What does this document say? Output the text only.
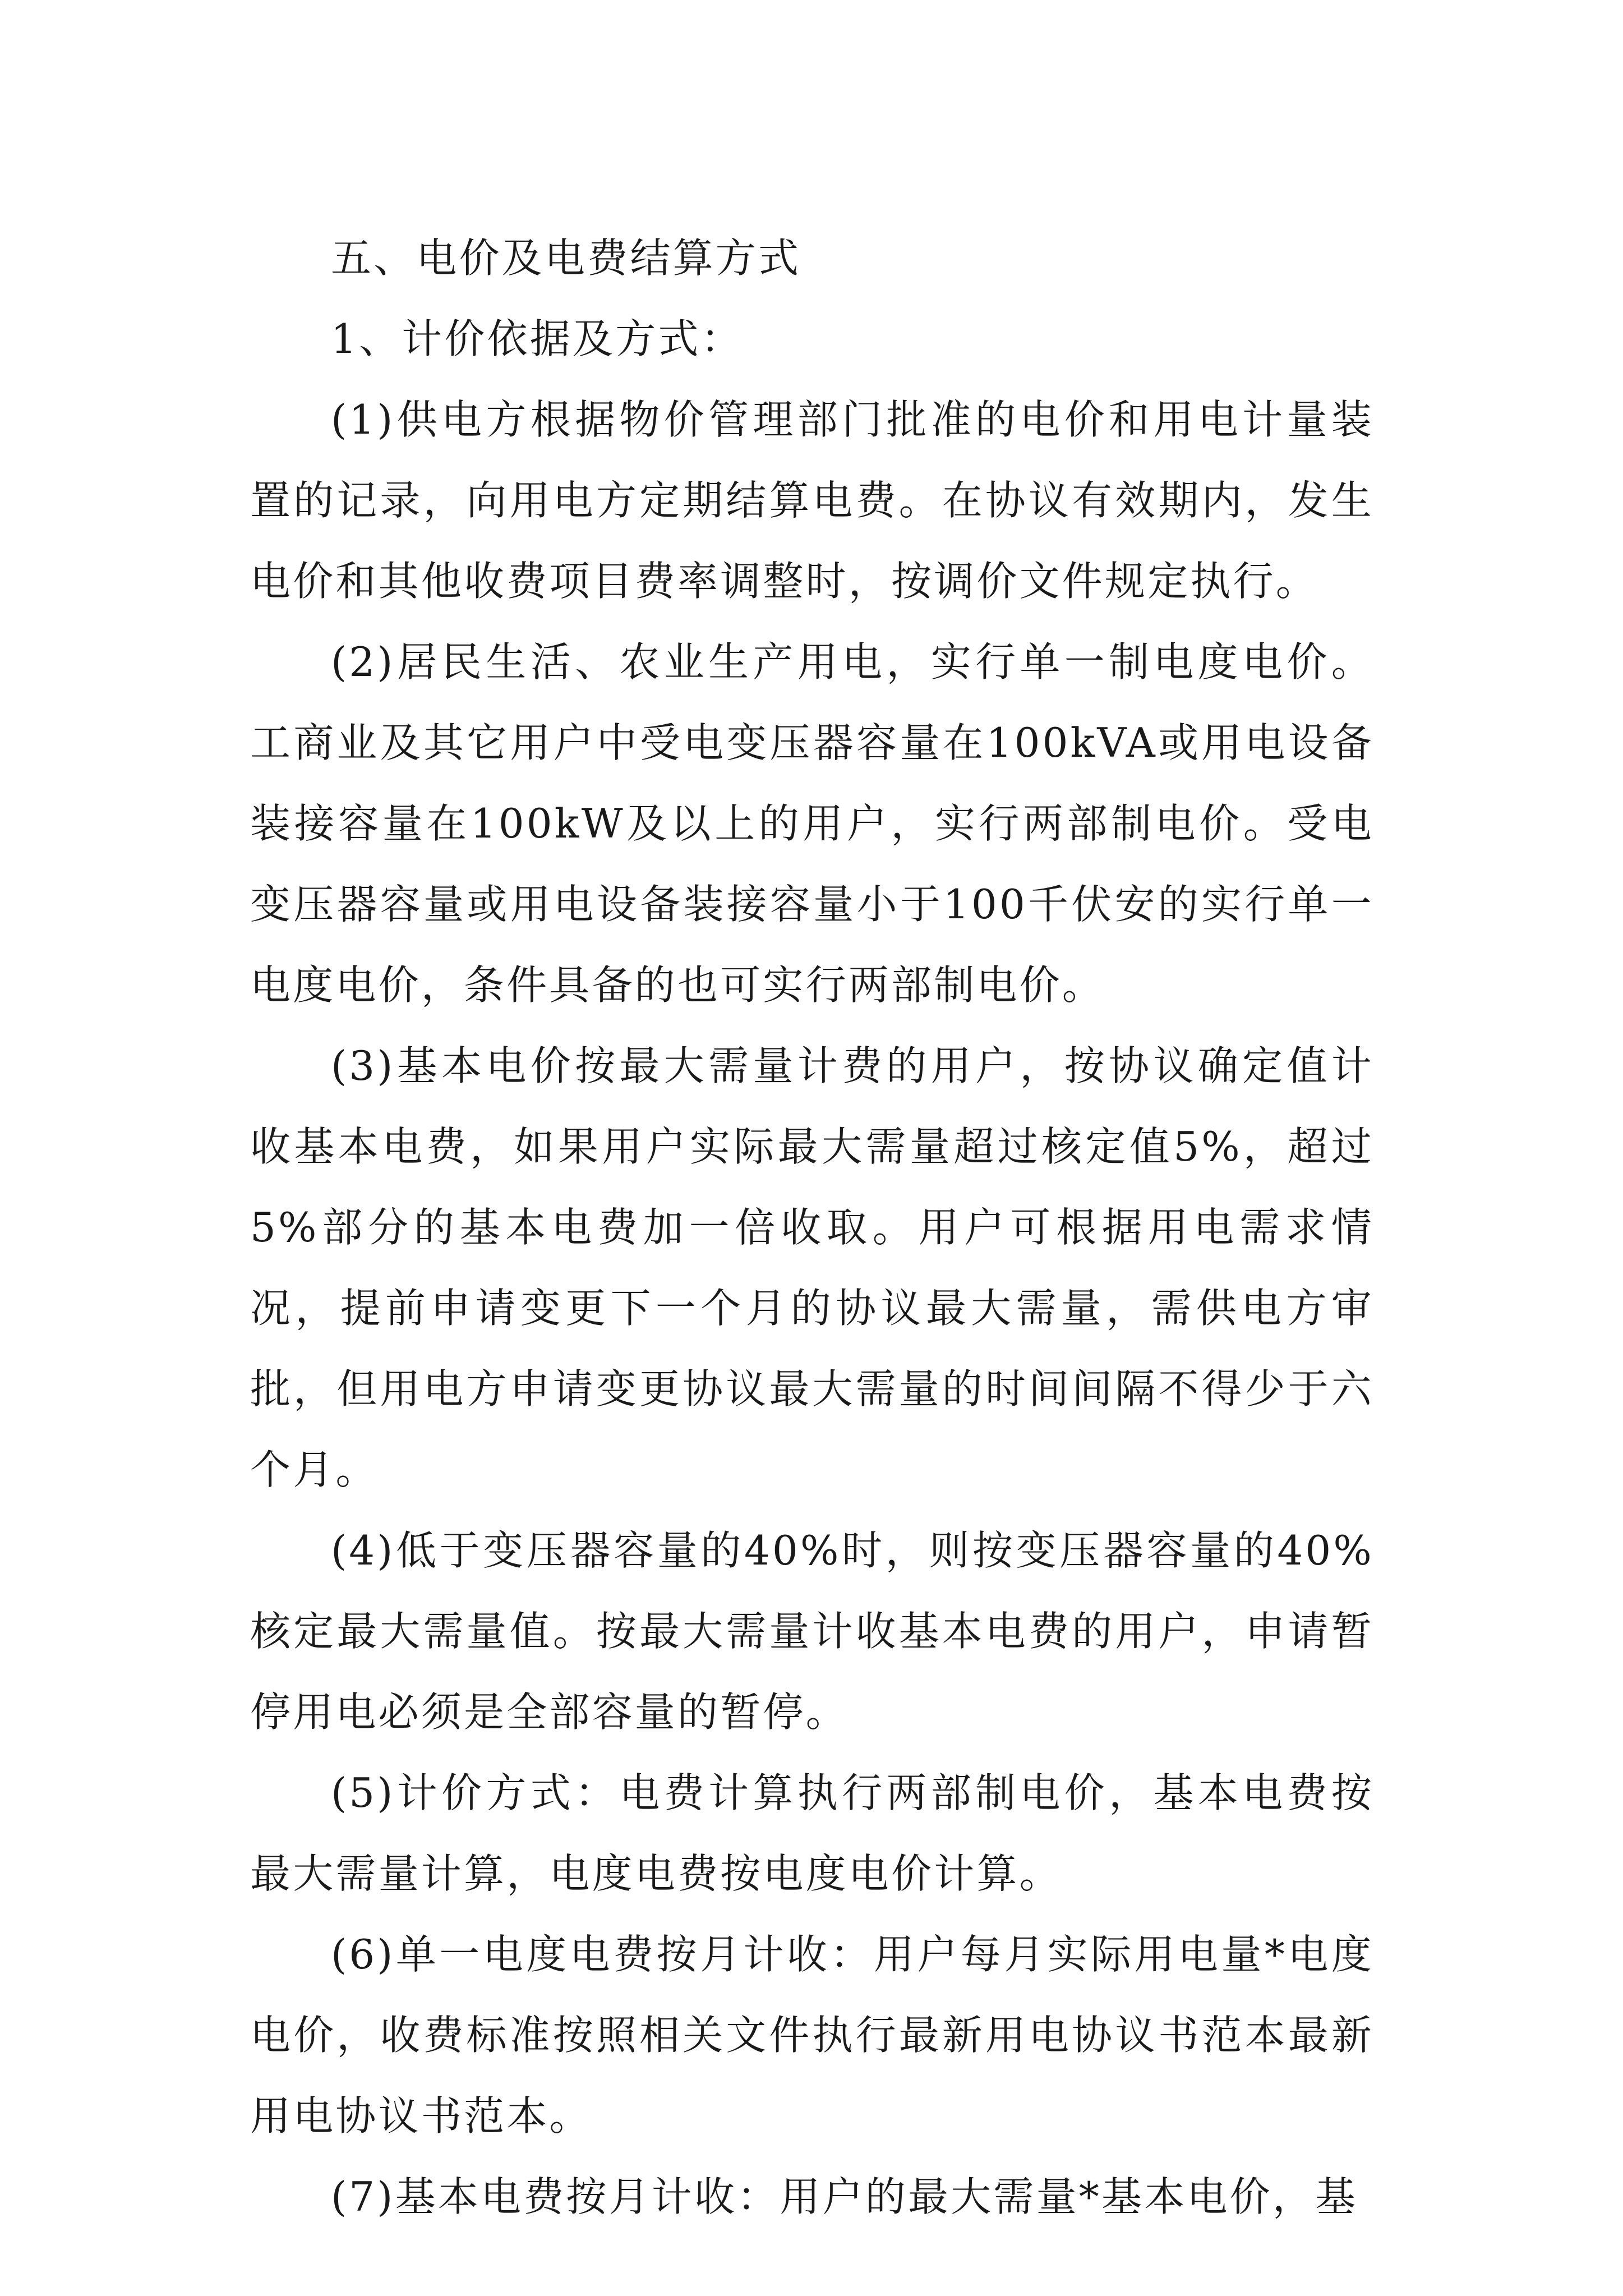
五、电价及电费结算方式

1、计价依据及方式：

(1)供电方根据物价管理部门批准的电价和用电计量装置的记录，向用电方定期结算电费。在协议有效期内，发生电价和其他收费项目费率调整时，按调价文件规定执行。

(2)居民生活、农业生产用电，实行单一制电度电价。工商业及其它用户中受电变压器容量在100kVA或用电设备装接容量在100kW及以上的用户，实行两部制电价。受电变压器容量或用电设备装接容量小于100千伏安的实行单一电度电价，条件具备的也可实行两部制电价。

(3)基本电价按最大需量计费的用户，按协议确定值计收基本电费，如果用户实际最大需量超过核定值5%，超过5%部分的基本电费加一倍收取。用户可根据用电需求情况，提前申请变更下一个月的协议最大需量，需供电方审批，但用电方申请变更协议最大需量的时间间隔不得少于六个月。

(4)低于变压器容量的40%时，则按变压器容量的40%核定最大需量值。按最大需量计收基本电费的用户，申请暂停用电必须是全部容量的暂停。

(5)计价方式：电费计算执行两部制电价，基本电费按最大需量计算，电度电费按电度电价计算。

(6)单一电度电费按月计收：用户每月实际用电量*电度电价，收费标准按照相关文件执行最新用电协议书范本最新用电协议书范本。

(7)基本电费按月计收：用户的最大需量*基本电价，基
